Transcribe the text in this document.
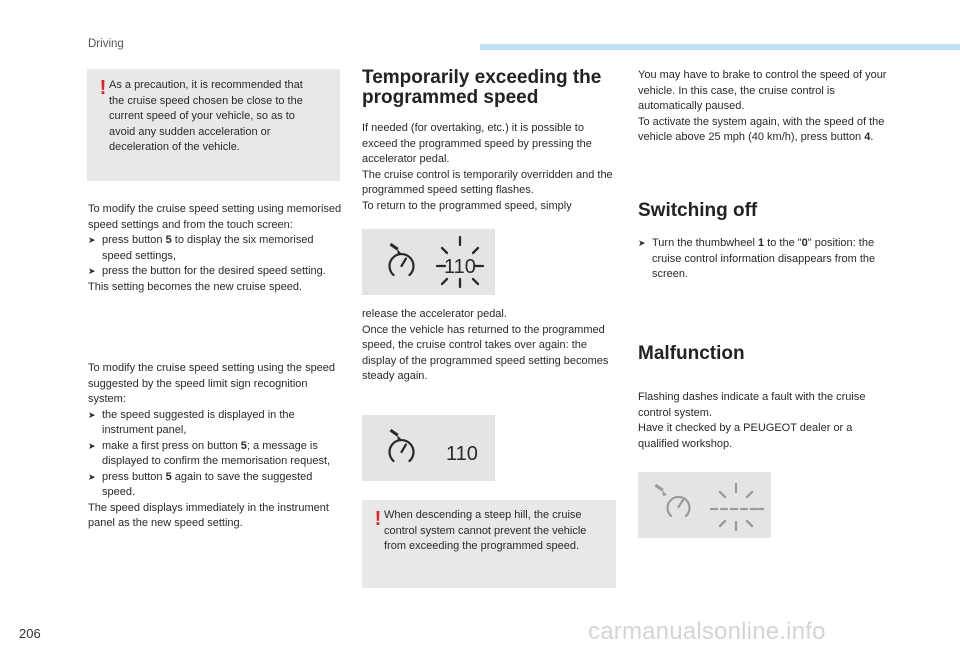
Driving
! As a precaution, it is recommended that the cruise speed chosen be close to the current speed of your vehicle, so as to avoid any sudden acceleration or deceleration of the vehicle.

To modify the cruise speed setting using memorised speed settings and from the touch screen:

➤ press button 5 to display the six memorised speed settings,
➤ press the button for the desired speed setting.

This setting becomes the new cruise speed.

To modify the cruise speed setting using the speed suggested by the speed limit sign recognition system:

➤ the speed suggested is displayed in the instrument panel,
➤ make a first press on button 5; a message is displayed to confirm the memorisation request,
➤ press button 5 again to save the suggested speed.

The speed displays immediately in the instrument panel as the new speed setting.

Temporarily exceeding the programmed speed

If needed (for overtaking, etc.) it is possible to exceed the programmed speed by pressing the accelerator pedal.

The cruise control is temporarily overridden and the programmed speed setting flashes.

To return to the programmed speed, simply

110

release the accelerator pedal.

Once the vehicle has returned to the programmed speed, the cruise control takes over again: the display of the programmed speed setting becomes steady again.

110
! When descending a steep hill, the cruise control system cannot prevent the vehicle from exceeding the programmed speed.

You may have to brake to control the speed of your vehicle. In this case, the cruise control is automatically paused.

To activate the system again, with the speed of the vehicle above 25 mph (40 km/h), press button 4.

Switching off
➤ Turn the thumbwheel 1 to the "0" position: the cruise control information disappears from the screen.
Malfunction

Flashing dashes indicate a fault with the cruise control system.

Have it checked by a PEUGEOT dealer or a qualified workshop.

206	carmanualsonline.info
